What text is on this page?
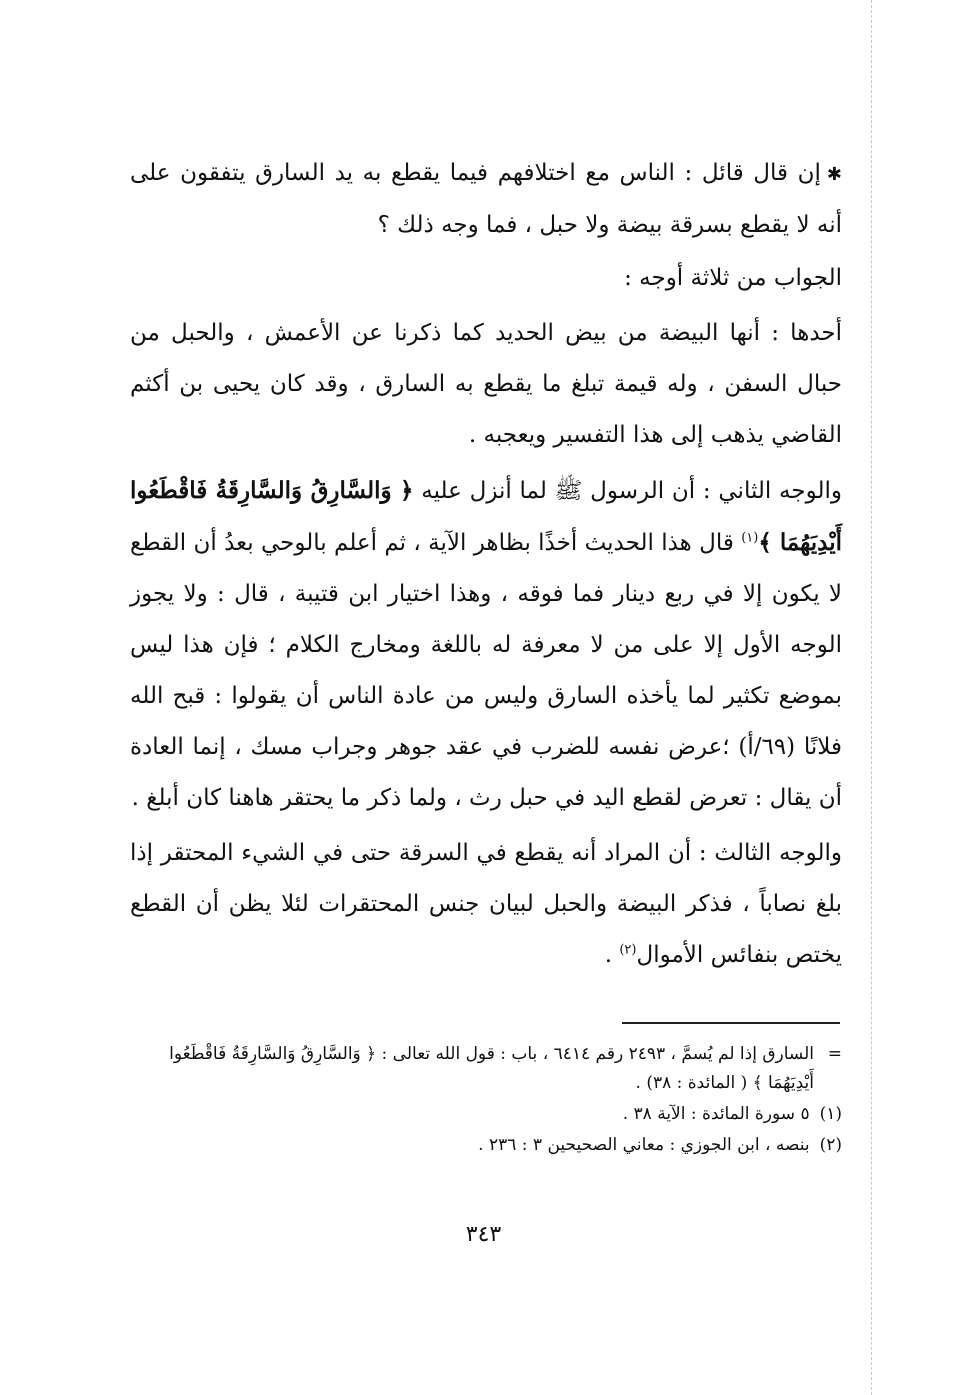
✱إن قال قائل : الناس مع اختلافهم فيما يقطع به يد السارق يتفقون على أنه لا يقطع بسرقة بيضة ولا حبل ، فما وجه ذلك ؟

الجواب من ثلاثة أوجه :

أحدها : أنها البيضة من بيض الحديد كما ذكرنا عن الأعمش ، والحبل من حبال السفن ، وله قيمة تبلغ ما يقطع به السارق ، وقد كان يحيى بن أكثم القاضي يذهب إلى هذا التفسير ويعجبه .

والوجه الثاني : أن الرسول ﷺ لما أنزل عليه ﴿ وَالسَّارِقُ وَالسَّارِقَةُ فَاقْطَعُوا أَيْدِيَهُمَا ﴾$^{(١)}$ قال هذا الحديث أخذًا بظاهر الآية ، ثم أعلم بالوحي بعدُ أن القطع لا يكون إلا في ربع دينار فما فوقه ، وهذا اختيار ابن قتيبة ، قال : ولا يجوز الوجه الأول إلا على من لا معرفة له باللغة ومخارج الكلام ؛ فإن هذا ليس بموضع تكثير لما يأخذه السارق وليس من عادة الناس أن يقولوا : قبح الله فلانًا (٦٩/أ) ؛عرض نفسه للضرب في عقد جوهر وجراب مسك ، إنما العادة أن يقال : تعرض لقطع اليد في حبل رث ، ولما ذكر ما يحتقر هاهنا كان أبلغ .

والوجه الثالث : أن المراد أنه يقطع في السرقة حتى في الشيء المحتقر إذا بلغ نصاباً ، فذكر البيضة والحبل لبيان جنس المحتقرات لئلا يظن أن القطع يختص بنفائس الأموال$^{(٢)}$ .

=
السارق إذا لم يُسمَّ ، ٢٤٩٣ رقم ٦٤١٤ ، باب : قول الله تعالى : ﴿ وَالسَّارِقُ وَالسَّارِقَةُ فَاقْطَعُوا أَيْدِيَهُمَا ﴾ ( المائدة : ٣٨) .
(١)٥ سورة المائدة : الآية ٣٨ .
(٢)بنصه ، ابن الجوزي : معاني الصحيحين ٣ : ٢٣٦ .
٣٤٣
